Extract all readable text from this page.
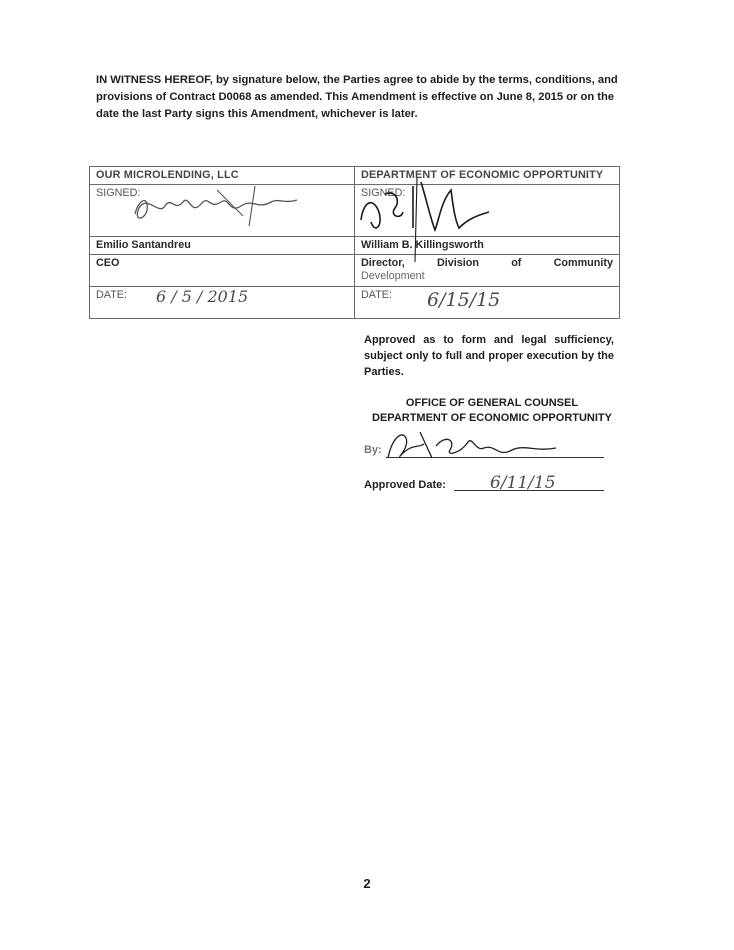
IN WITNESS HEREOF, by signature below, the Parties agree to abide by the terms, conditions, and provisions of Contract D0068 as amended. This Amendment is effective on June 8, 2015 or on the date the last Party signs this Amendment, whichever is later.

OUR MICROLENDING, LLC	DEPARTMENT OF ECONOMIC OPPORTUNITY
SIGNED:	SIGNED:
Emilio Santandreu	William B. Killingsworth
CEO	Director, Division of Community
Development

DATE:	DATE:
6 / 5 / 2015	6/15/15

Approved as to form and legal sufficiency, subject only to full and proper execution by the Parties.

OFFICE OF GENERAL COUNSEL
DEPARTMENT OF ECONOMIC OPPORTUNITY
By:
Approved Date:	6/11/15
2
